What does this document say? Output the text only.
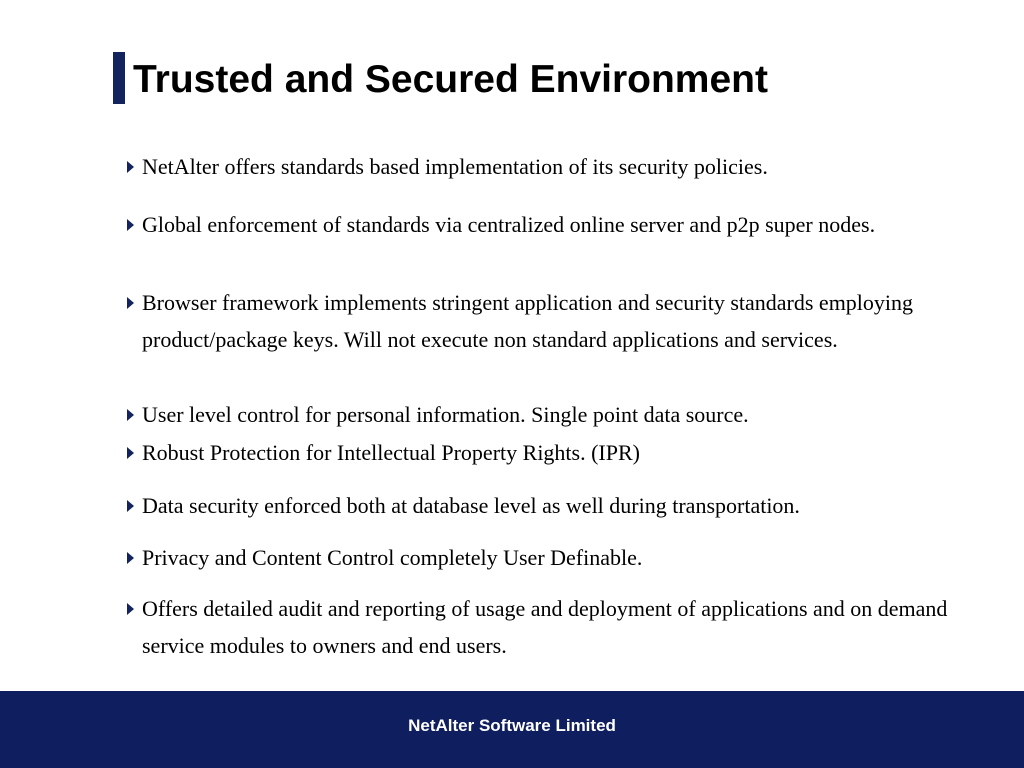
Trusted and Secured Environment
NetAlter offers standards based implementation of its security policies.
Global enforcement of standards via centralized online server and p2p super nodes.
Browser framework implements stringent application and security standards employing product/package keys. Will not execute non standard applications and services.
User level control for personal information. Single point data source.
Robust Protection for Intellectual Property Rights. (IPR)
Data security enforced both at database level as well during transportation.
Privacy and Content Control completely User Definable.
Offers detailed audit and reporting of usage and deployment of applications and on demand service modules to owners and end users.
NetAlter Software Limited
